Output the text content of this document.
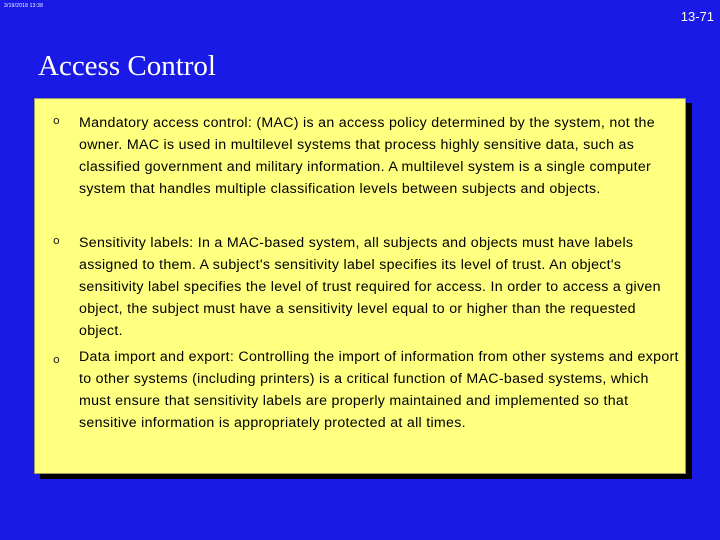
3/19/2018 13:38
13-71
Access Control
o Mandatory access control: (MAC) is an access policy determined by the system, not the owner. MAC is used in multilevel systems that process highly sensitive data, such as classified government and military information. A multilevel system is a single computer system that handles multiple classification levels between subjects and objects.

o Sensitivity labels: In a MAC-based system, all subjects and objects must have labels assigned to them. A subject's sensitivity label specifies its level of trust. An object's sensitivity label specifies the level of trust required for access. In order to access a given object, the subject must have a sensitivity level equal to or higher than the requested object.

o Data import and export: Controlling the import of information from other systems and export to other systems (including printers) is a critical function of MAC-based systems, which must ensure that sensitivity labels are properly maintained and implemented so that sensitive information is appropriately protected at all times.
